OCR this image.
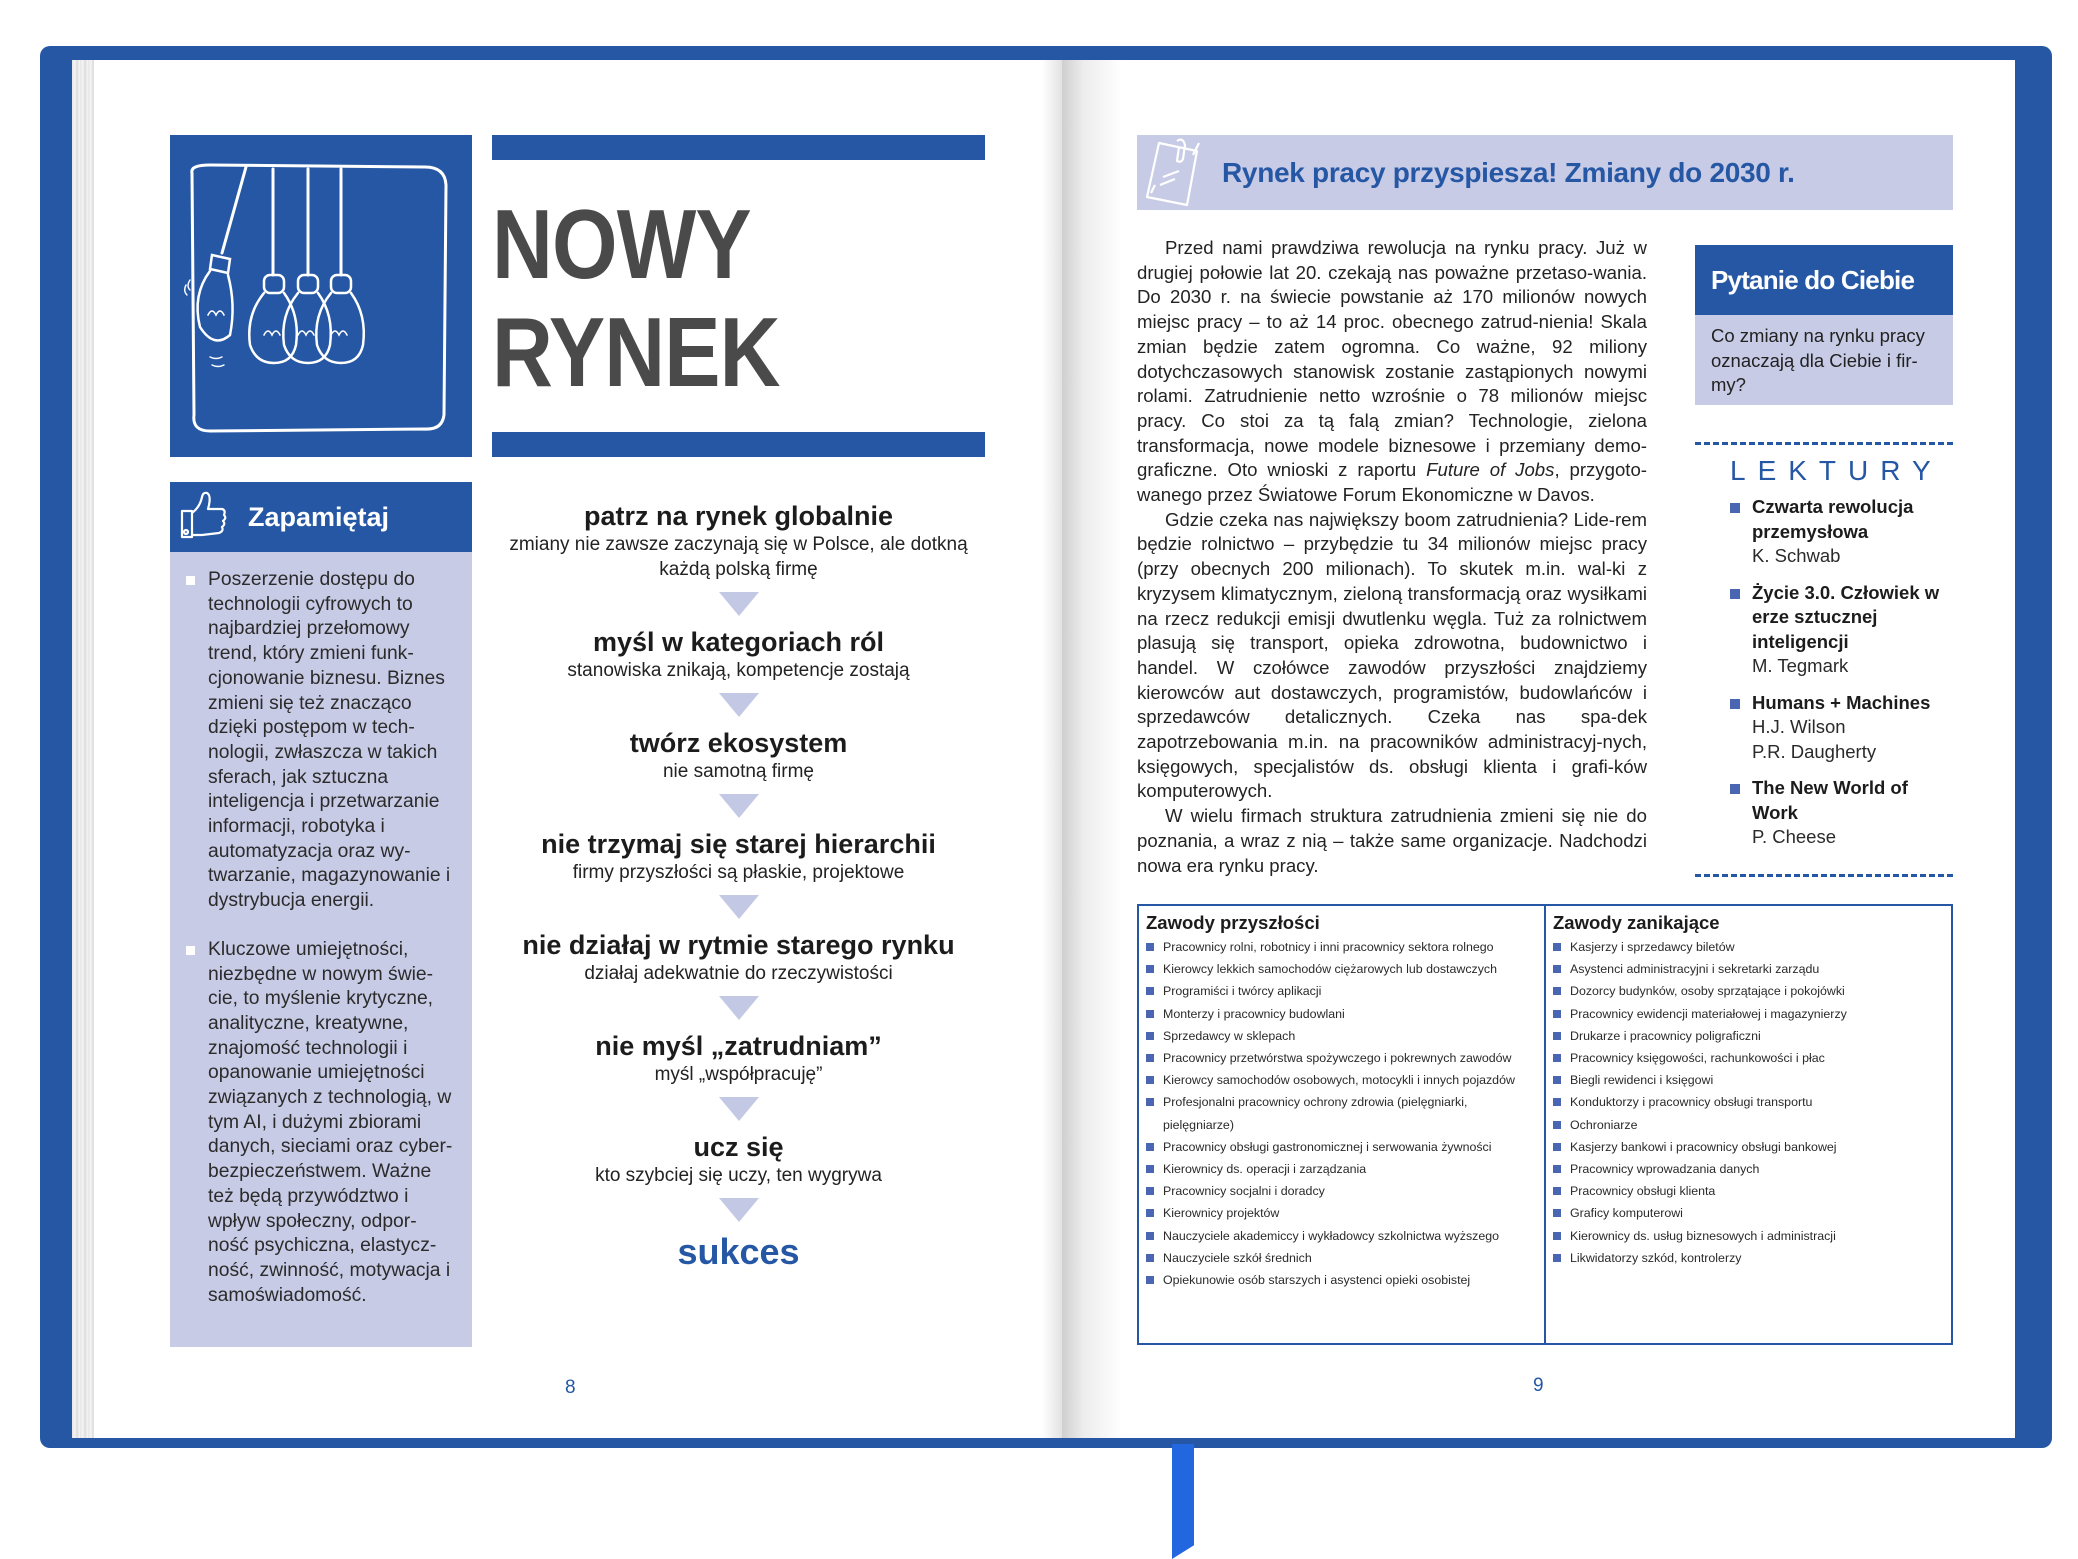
NOWY
RYNEK
Zapamiętaj
Poszerzenie dostępu do technologii cyfrowych to najbardziej przełomowy trend, który zmieni funk-cjonowanie biznesu. Biznes zmieni się też znacząco dzięki postępom w tech-nologii, zwłaszcza w takich sferach, jak sztuczna inteligencja i przetwarzanie informacji, robotyka i automatyzacja oraz wy-twarzanie, magazynowanie i dystrybucja energii.
Kluczowe umiejętności, niezbędne w nowym świe-cie, to myślenie krytyczne, analityczne, kreatywne, znajomość technologii i opanowanie umiejętności związanych z technologią, w tym AI, i dużymi zbiorami danych, sieciami oraz cyber-bezpieczeństwem. Ważne też będą przywództwo i wpływ społeczny, odpor-ność psychiczna, elastycz-ność, zwinność, motywacja i samoświadomość.
patrz na rynek globalnie
zmiany nie zawsze zaczynają się w Polsce, ale dotkną każdą polską firmę
myśl w kategoriach ról
stanowiska znikają, kompetencje zostają
twórz ekosystem
nie samotną firmę
nie trzymaj się starej hierarchii
firmy przyszłości są płaskie, projektowe
nie działaj w rytmie starego rynku
działaj adekwatnie do rzeczywistości
nie myśl „zatrudniam”
myśl „współpracuję”
ucz się
kto szybciej się uczy, ten wygrywa
sukces
8
Rynek pracy przyspiesza! Zmiany do 2030 r.

Przed nami prawdziwa rewolucja na rynku pracy. Już w drugiej połowie lat 20. czekają nas poważne przetaso-wania. Do 2030 r. na świecie powstanie aż 170 milionów nowych miejsc pracy – to aż 14 proc. obecnego zatrud-nienia! Skala zmian będzie zatem ogromna. Co ważne, 92 miliony dotychczasowych stanowisk zostanie zastąpionych nowymi rolami. Zatrudnienie netto wzrośnie o 78 milionów miejsc pracy. Co stoi za tą falą zmian? Technologie, zielona transformacja, nowe modele biznesowe i przemiany demo-graficzne. Oto wnioski z raportu Future of Jobs, przygoto-wanego przez Światowe Forum Ekonomiczne w Davos.

Gdzie czeka nas największy boom zatrudnienia? Lide-rem będzie rolnictwo – przybędzie tu 34 milionów miejsc pracy (przy obecnych 200 milionach). To skutek m.in. wal-ki z kryzysem klimatycznym, zieloną transformacją oraz wysiłkami na rzecz redukcji emisji dwutlenku węgla. Tuż za rolnictwem plasują się transport, opieka zdrowotna, budownictwo i handel. W czołówce zawodów przyszłości znajdziemy kierowców aut dostawczych, programistów, budowlańców i sprzedawców detalicznych. Czeka nas spa-dek zapotrzebowania m.in. na pracowników administracyj-nych, księgowych, specjalistów ds. obsługi klienta i grafi-ków komputerowych.

W wielu firmach struktura zatrudnienia zmieni się nie do poznania, a wraz z nią – także same organizacje. Nadchodzi nowa era rynku pracy.

Pytanie do Ciebie
Co zmiany na rynku pracy oznaczają dla Ciebie i fir-my?
LEKTURY
Czwarta rewolucja przemysłowa
K. Schwab
Życie 3.0. Człowiek w erze sztucznej inteligencji
M. Tegmark
Humans + Machines
H.J. Wilson
P.R. Daugherty
The New World of Work
P. Cheese
Zawody przyszłości
Pracownicy rolni, robotnicy i inni pracownicy sektora rolnego
Kierowcy lekkich samochodów ciężarowych lub dostawczych
Programiści i twórcy aplikacji
Monterzy i pracownicy budowlani
Sprzedawcy w sklepach
Pracownicy przetwórstwa spożywczego i pokrewnych zawodów
Kierowcy samochodów osobowych, motocykli i innych pojazdów
Profesjonalni pracownicy ochrony zdrowia (pielęgniarki, pielęgniarze)
Pracownicy obsługi gastronomicznej i serwowania żywności
Kierownicy ds. operacji i zarządzania
Pracownicy socjalni i doradcy
Kierownicy projektów
Nauczyciele akademiccy i wykładowcy szkolnictwa wyższego
Nauczyciele szkół średnich
Opiekunowie osób starszych i asystenci opieki osobistej
Zawody zanikające
Kasjerzy i sprzedawcy biletów
Asystenci administracyjni i sekretarki zarządu
Dozorcy budynków, osoby sprzątające i pokojówki
Pracownicy ewidencji materiałowej i magazynierzy
Drukarze i pracownicy poligraficzni
Pracownicy księgowości, rachunkowości i płac
Biegli rewidenci i księgowi
Konduktorzy i pracownicy obsługi transportu
Ochroniarze
Kasjerzy bankowi i pracownicy obsługi bankowej
Pracownicy wprowadzania danych
Pracownicy obsługi klienta
Graficy komputerowi
Kierownicy ds. usług biznesowych i administracji
Likwidatorzy szkód, kontrolerzy
9
